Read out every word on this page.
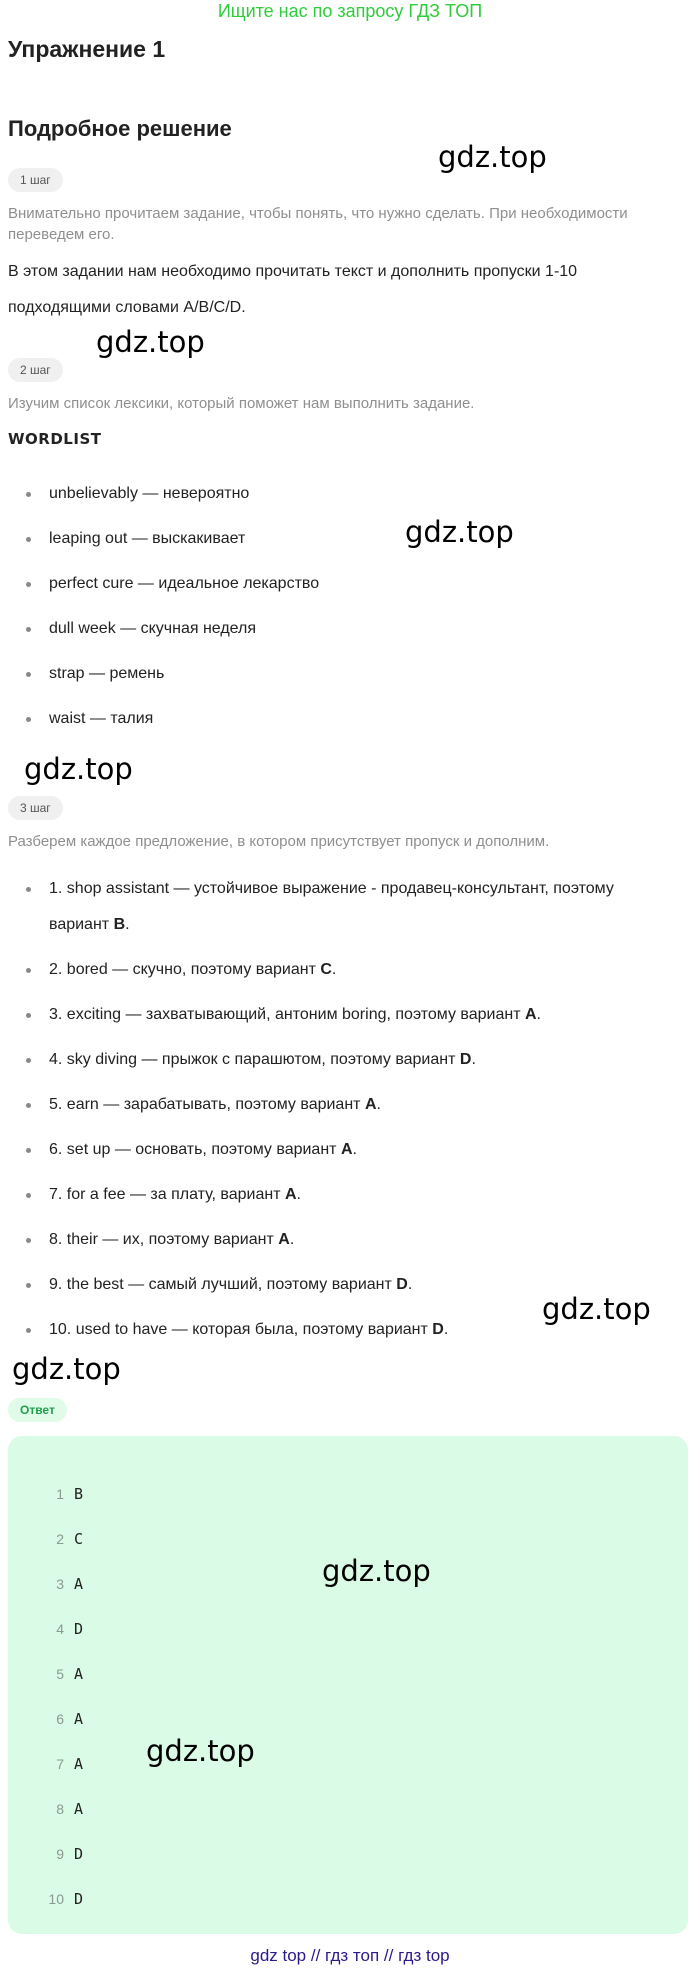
Ищите нас по запросу ГДЗ ТОП
Упражнение 1
Подробное решение
gdz.top
1 шаг
Внимательно прочитаем задание, чтобы понять, что нужно сделать. При необходимости переведем его.
В этом задании нам необходимо прочитать текст и дополнить пропуски 1-10 подходящими словами A/B/C/D.
gdz.top
2 шаг
Изучим список лексики, который поможет нам выполнить задание.
WORDLIST
unbelievably — невероятно
leaping out — выскакивает
perfect cure — идеальное лекарство
dull week — скучная неделя
strap — ремень
waist — талия
gdz.top
gdz.top
3 шаг
Разберем каждое предложение, в котором присутствует пропуск и дополним.
1. shop assistant — устойчивое выражение - продавец-консультант, поэтому вариант B.
2. bored — скучно, поэтому вариант C.
3. exciting — захватывающий, антоним boring, поэтому вариант A.
4. sky diving — прыжок с парашютом, поэтому вариант D.
5. earn — зарабатывать, поэтому вариант A.
6. set up — основать, поэтому вариант A.
7. for a fee — за плату, вариант A.
8. their — их, поэтому вариант A.
9. the best — самый лучший, поэтому вариант D.
10. used to have — которая была, поэтому вариант D.
gdz.top
gdz.top
Ответ
1 B
2 C
3 A
4 D
5 A
6 A
7 A
8 A
9 D
10 D
gdz.top
gdz.top
gdz top // гдз топ // гдз top
